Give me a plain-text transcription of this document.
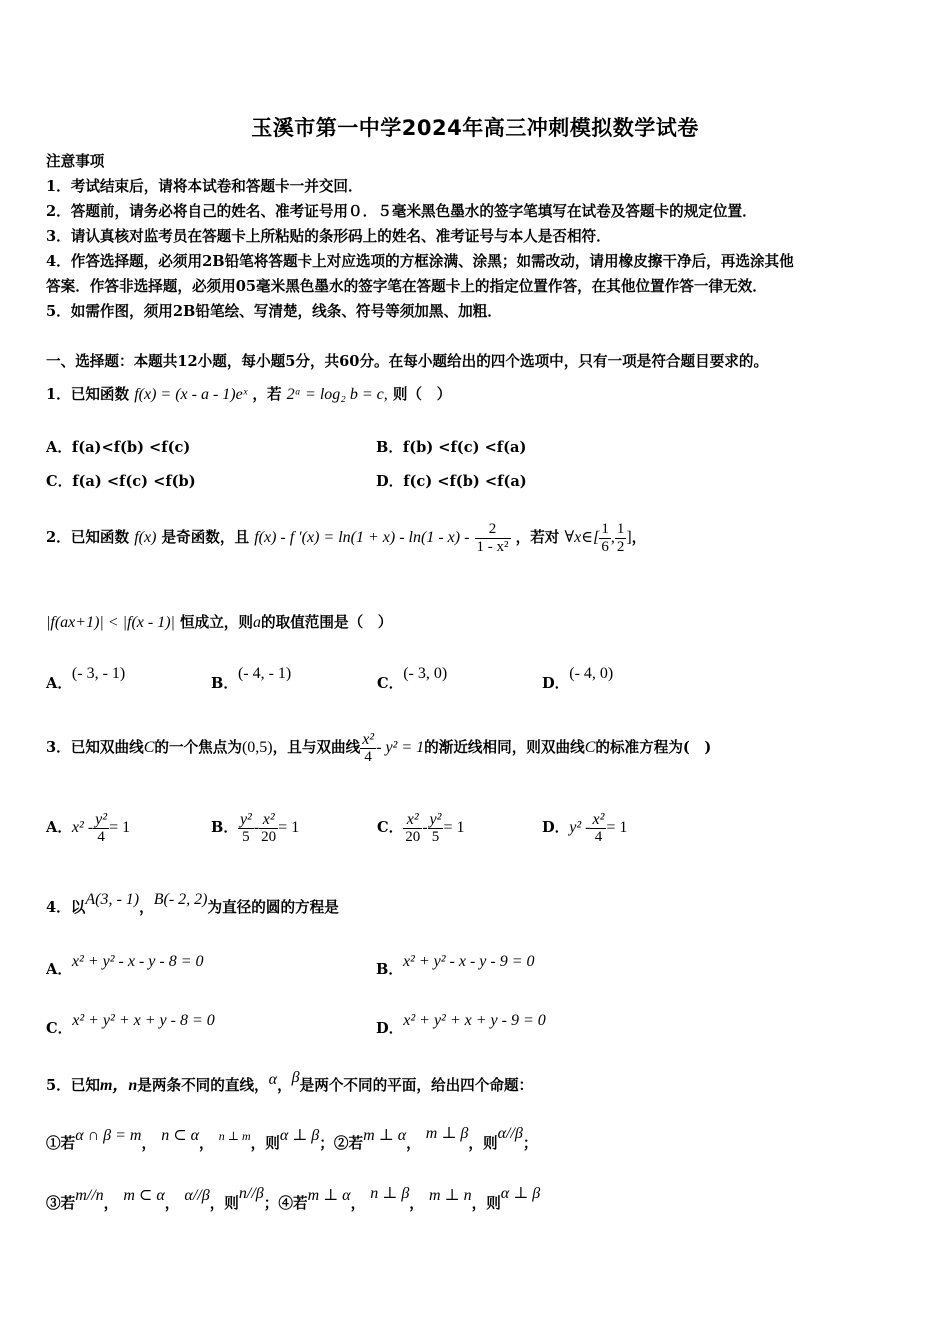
玉溪市第一中学2024年高三冲刺模拟数学试卷
注意事项
1．考试结束后，请将本试卷和答题卡一并交回．
2．答题前，请务必将自己的姓名、准考证号用０．５毫米黑色墨水的签字笔填写在试卷及答题卡的规定位置．
3．请认真核对监考员在答题卡上所粘贴的条形码上的姓名、准考证号与本人是否相符．
4．作答选择题，必须用2B铅笔将答题卡上对应选项的方框涂满、涂黑；如需改动，请用橡皮擦干净后，再选涂其他
答案．作答非选择题，必须用05毫米黑色墨水的签字笔在答题卡上的指定位置作答，在其他位置作答一律无效．
5．如需作图，须用2B铅笔绘、写清楚，线条、符号等须加黑、加粗．
一、选择题：本题共12小题，每小题5分，共60分。在每小题给出的四个选项中，只有一项是符合题目要求的。
1．已知函数 f(x) = (x - a - 1)eˣ ，若 2ᵃ = log₂ b = c, 则（　）
A．f(a)<f(b) <f(c)	B．f(b) <f(c) <f(a)
C．f(a) <f(c) <f(b)	D．f(c) <f(b) <f(a)
2．已知函数 f(x) 是奇函数，且 f(x) - f $'(x) = \ln(1 + x) - \ln(1 - x) - \frac{2}{\text{1 - x²}}$ ，若对 ∀x∈[ $\frac{1}{6}$ , $\frac{1}{2}$ ]，
|f(ax+1)| < |f(x - 1)| 恒成立，则a的取值范围是（　）
A．(- 3, - 1)
B．(- 4, - 1)
C．(- 3, 0)
D．(- 4, 0)
3．已知双曲线C的一个焦点为(0,5)，且与双曲线 $\frac{\text{x²}}{4} - y^2 = 1$的渐近线相同，则双曲线C的标准方程为(　)
A．$x^2 - \frac{\text{y²}}{4} = 1$	B． $\frac{\text{y²}}{5} - \frac{\text{x²}}{20} = 1$	C． $\frac{\text{x²}}{20} - \frac{\text{y²}}{5} = 1$	D．$y^2 - \frac{\text{x²}}{4} = 1$
4．以A(3, - 1)，B(- 2, 2)为直径的圆的方程是
A．x² + y² - x - y - 8 = 0	B．x² + y² - x - y - 9 = 0
C．x² + y² + x + y - 8 = 0	D．x² + y² + x + y - 9 = 0
5．已知m，n是两条不同的直线，α，β是两个不同的平面，给出四个命题：
①若α ∩ β = m， n ⊂ α， $^{n \perp m}$，则α ⊥ β；②若m ⊥ α， m ⊥ β，则α//β；
③若m//n， m ⊂ α， α//β，则n//β；④若m ⊥ α， n ⊥ β， m ⊥ n，则α ⊥ β
